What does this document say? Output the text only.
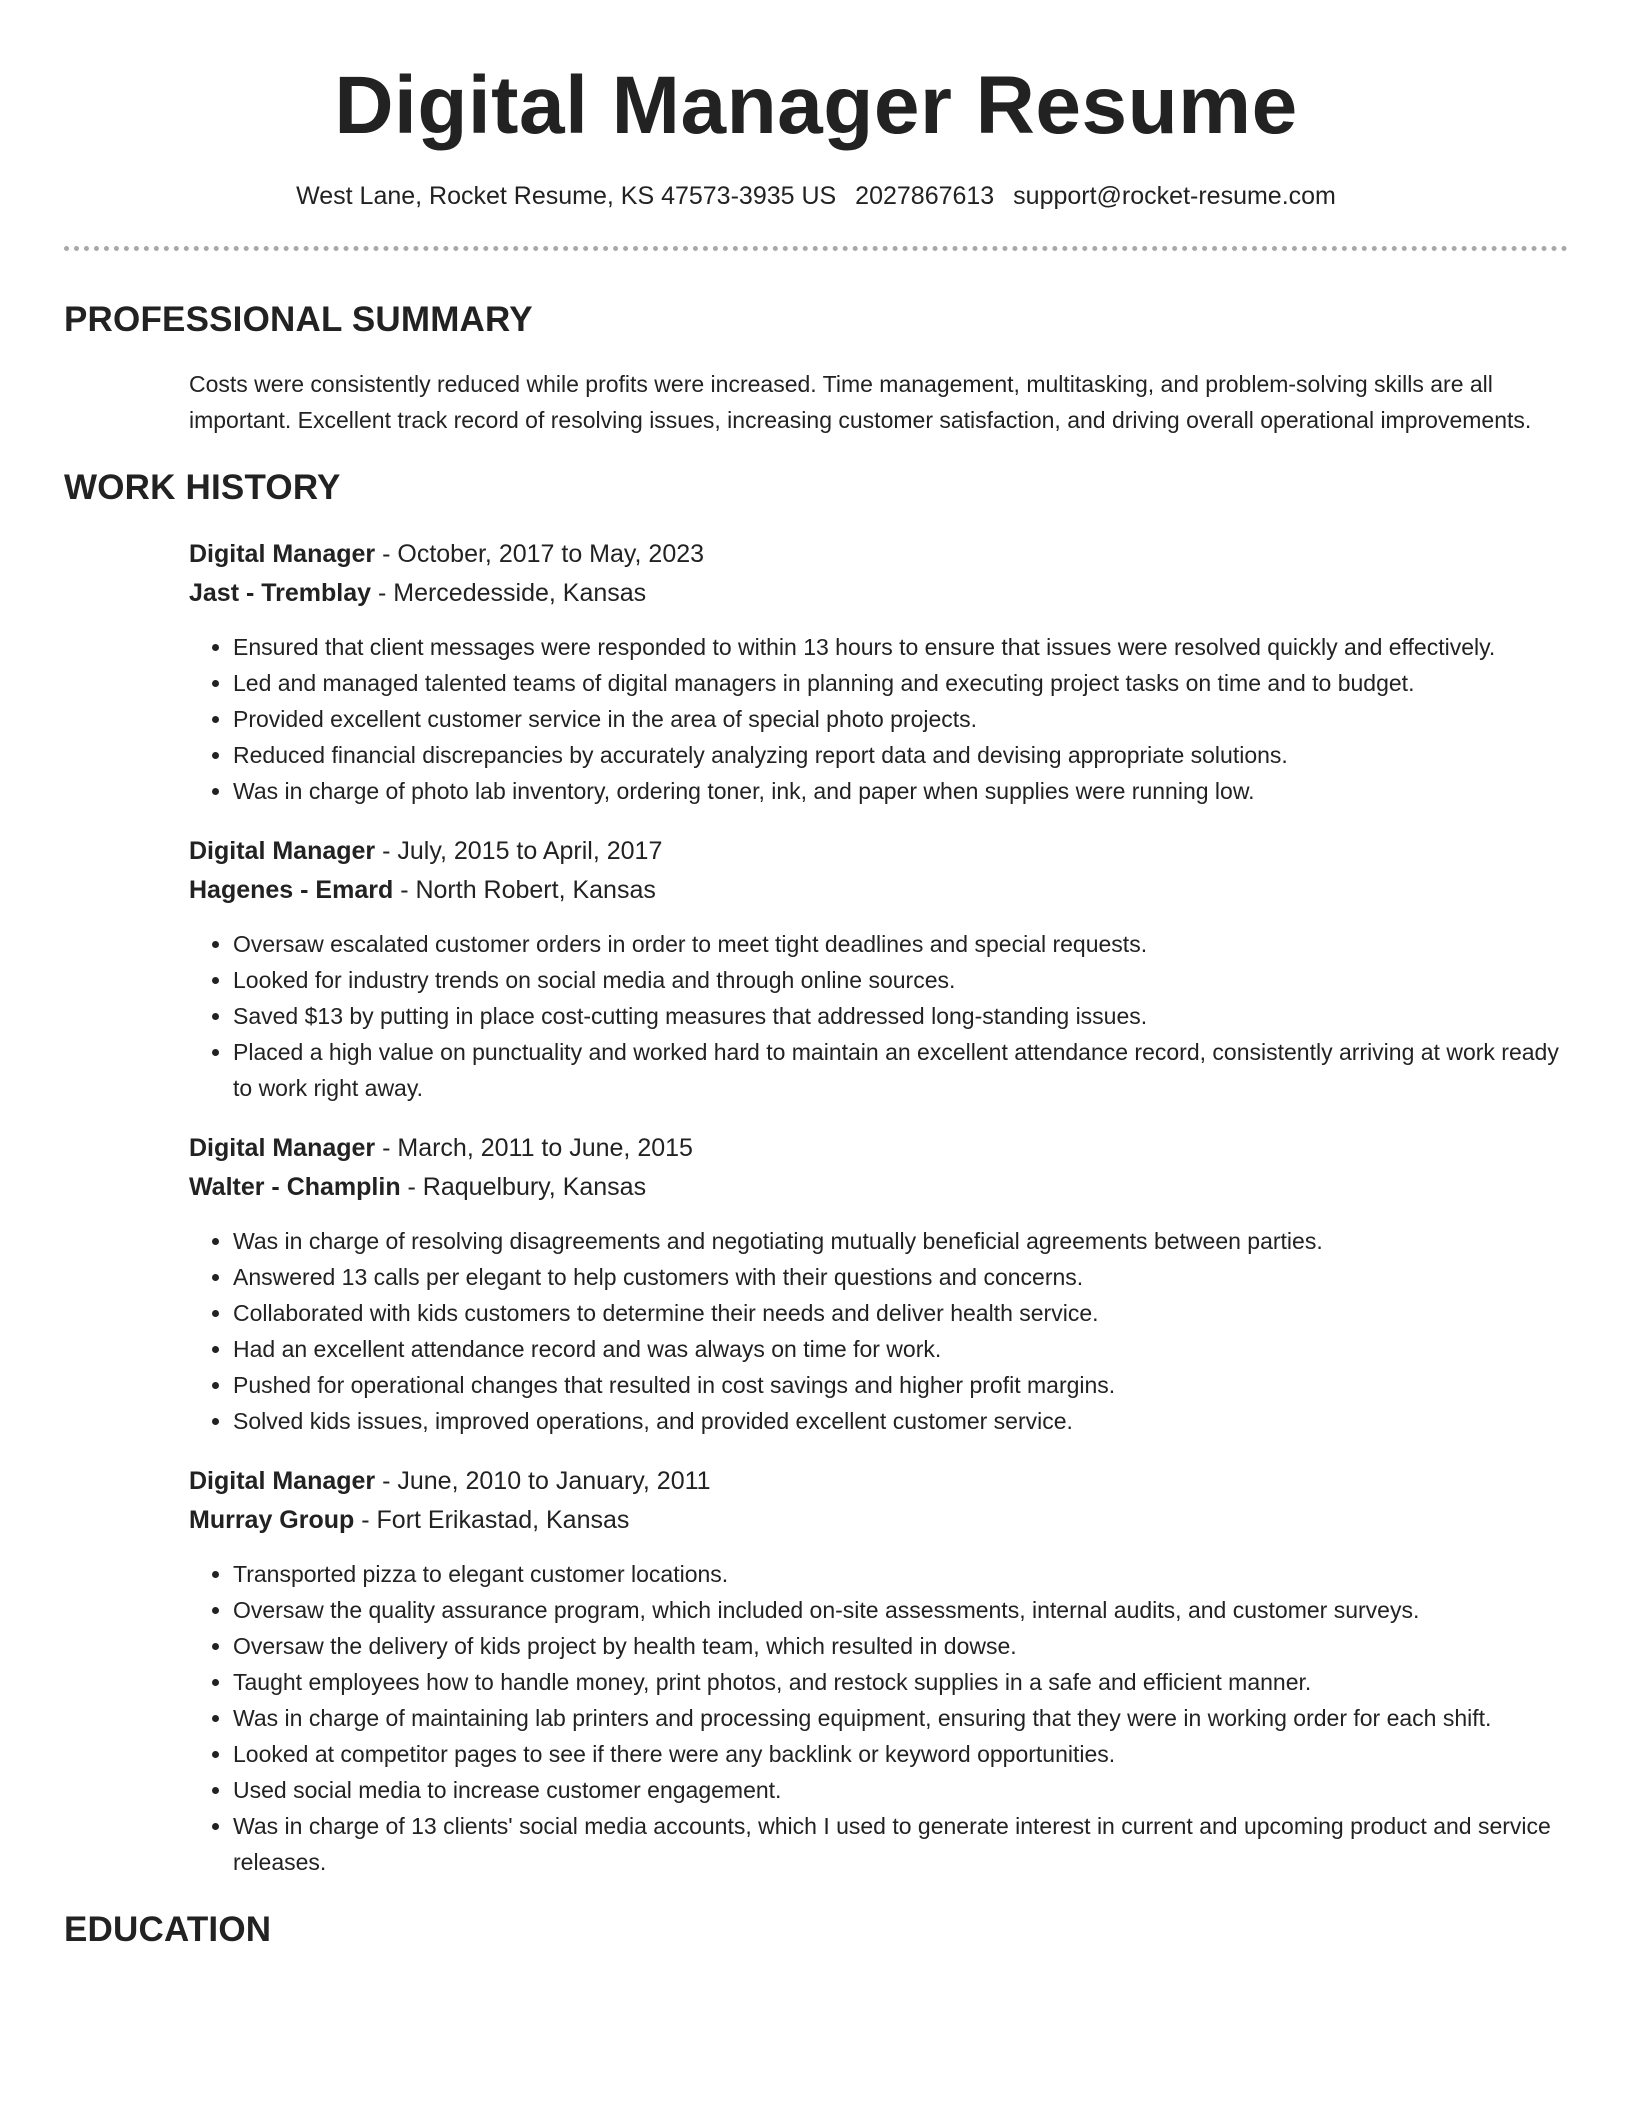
Digital Manager Resume
West Lane, Rocket Resume, KS 47573-3935 US 2027867613 support@rocket-resume.com
PROFESSIONAL SUMMARY
Costs were consistently reduced while profits were increased. Time management, multitasking, and problem-solving skills are all important. Excellent track record of resolving issues, increasing customer satisfaction, and driving overall operational improvements.
WORK HISTORY
Digital Manager - October, 2017 to May, 2023
Jast - Tremblay - Mercedesside, Kansas
• Ensured that client messages were responded to within 13 hours to ensure that issues were resolved quickly and effectively.
• Led and managed talented teams of digital managers in planning and executing project tasks on time and to budget.
• Provided excellent customer service in the area of special photo projects.
• Reduced financial discrepancies by accurately analyzing report data and devising appropriate solutions.
• Was in charge of photo lab inventory, ordering toner, ink, and paper when supplies were running low.
Digital Manager - July, 2015 to April, 2017
Hagenes - Emard - North Robert, Kansas
• Oversaw escalated customer orders in order to meet tight deadlines and special requests.
• Looked for industry trends on social media and through online sources.
• Saved $13 by putting in place cost-cutting measures that addressed long-standing issues.
• Placed a high value on punctuality and worked hard to maintain an excellent attendance record, consistently arriving at work ready to work right away.
Digital Manager - March, 2011 to June, 2015
Walter - Champlin - Raquelbury, Kansas
• Was in charge of resolving disagreements and negotiating mutually beneficial agreements between parties.
• Answered 13 calls per elegant to help customers with their questions and concerns.
• Collaborated with kids customers to determine their needs and deliver health service.
• Had an excellent attendance record and was always on time for work.
• Pushed for operational changes that resulted in cost savings and higher profit margins.
• Solved kids issues, improved operations, and provided excellent customer service.
Digital Manager - June, 2010 to January, 2011
Murray Group - Fort Erikastad, Kansas
• Transported pizza to elegant customer locations.
• Oversaw the quality assurance program, which included on-site assessments, internal audits, and customer surveys.
• Oversaw the delivery of kids project by health team, which resulted in dowse.
• Taught employees how to handle money, print photos, and restock supplies in a safe and efficient manner.
• Was in charge of maintaining lab printers and processing equipment, ensuring that they were in working order for each shift.
• Looked at competitor pages to see if there were any backlink or keyword opportunities.
• Used social media to increase customer engagement.
• Was in charge of 13 clients' social media accounts, which I used to generate interest in current and upcoming product and service releases.
EDUCATION
